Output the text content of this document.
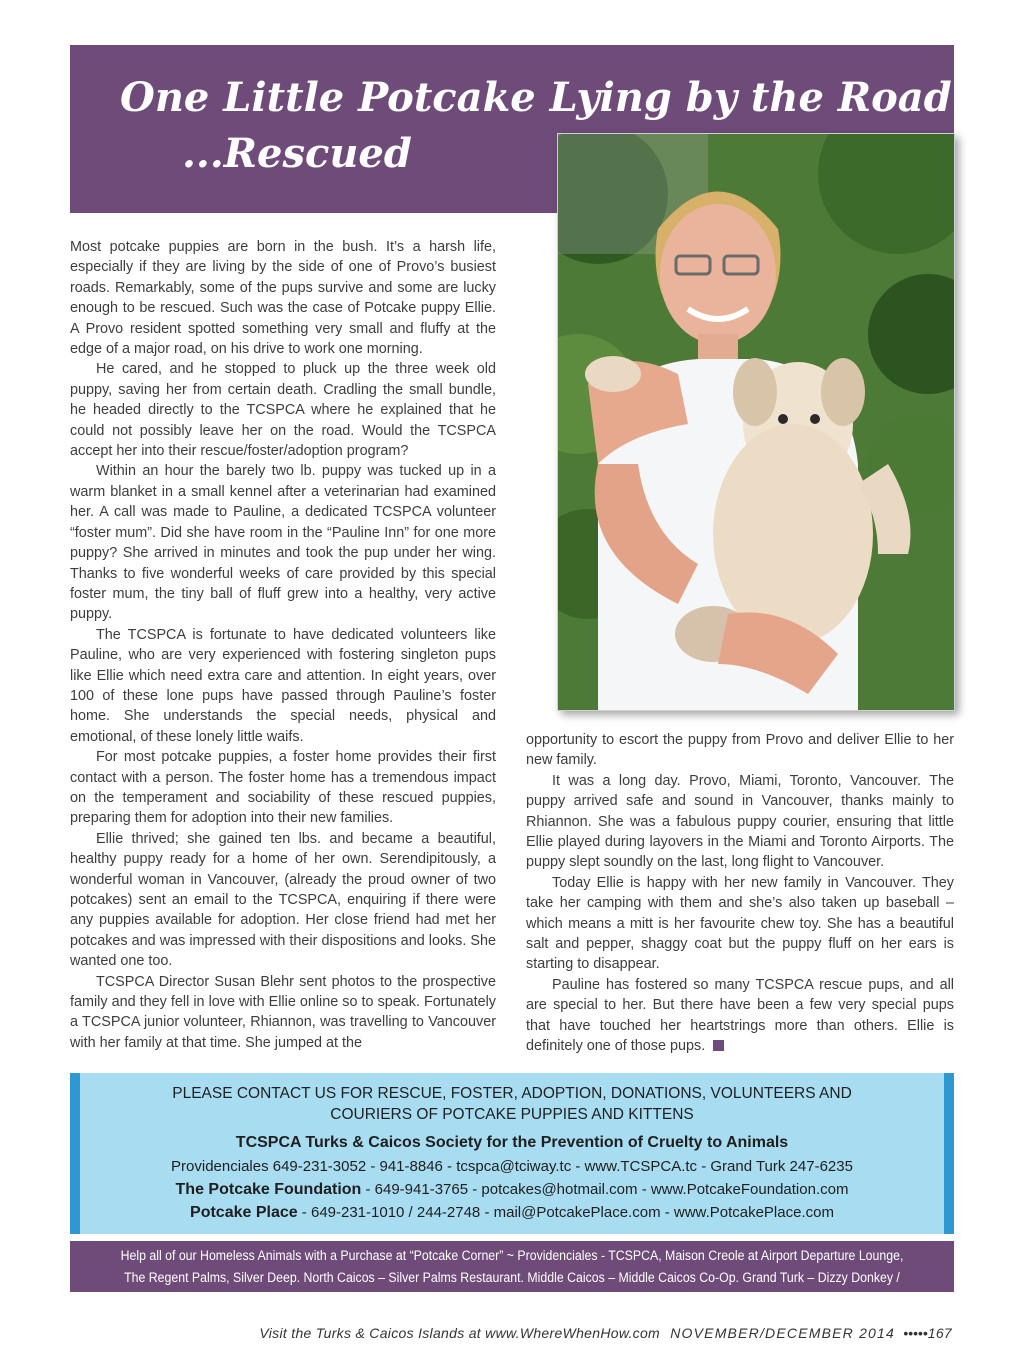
One Little Potcake Lying by the Road
...Rescued

Most potcake puppies are born in the bush. It’s a harsh life, especially if they are living by the side of one of Provo’s busiest roads. Remarkably, some of the pups survive and some are lucky enough to be rescued. Such was the case of Potcake puppy Ellie. A Provo resident spotted something very small and fluffy at the edge of a major road, on his drive to work one morning.

He cared, and he stopped to pluck up the three week old puppy, saving her from certain death. Cradling the small bundle, he headed directly to the TCSPCA where he explained that he could not possibly leave her on the road. Would the TCSPCA accept her into their rescue/foster/adoption program?

Within an hour the barely two lb. puppy was tucked up in a warm blanket in a small kennel after a veterinarian had examined her. A call was made to Pauline, a dedicated TCSPCA volunteer “foster mum”. Did she have room in the “Pauline Inn” for one more puppy? She arrived in minutes and took the pup under her wing. Thanks to five wonderful weeks of care provided by this special foster mum, the tiny ball of fluff grew into a healthy, very active puppy.

The TCSPCA is fortunate to have dedicated volunteers like Pauline, who are very experienced with fostering singleton pups like Ellie which need extra care and attention. In eight years, over 100 of these lone pups have passed through Pauline’s foster home. She understands the special needs, physical and emotional, of these lonely little waifs.

For most potcake puppies, a foster home provides their first contact with a person. The foster home has a tremendous impact on the temperament and sociability of these rescued puppies, preparing them for adoption into their new families.

Ellie thrived; she gained ten lbs. and became a beautiful, healthy puppy ready for a home of her own. Serendipitously, a wonderful woman in Vancouver, (already the proud owner of two potcakes) sent an email to the TCSPCA, enquiring if there were any puppies available for adoption. Her close friend had met her potcakes and was impressed with their dispositions and looks. She wanted one too.

TCSPCA Director Susan Blehr sent photos to the prospective family and they fell in love with Ellie online so to speak. Fortunately a TCSPCA junior volunteer, Rhiannon, was travelling to Vancouver with her family at that time. She jumped at the

opportunity to escort the puppy from Provo and deliver Ellie to her new family.

It was a long day. Provo, Miami, Toronto, Vancouver. The puppy arrived safe and sound in Vancouver, thanks mainly to Rhiannon. She was a fabulous puppy courier, ensuring that little Ellie played during layovers in the Miami and Toronto Airports. The puppy slept soundly on the last, long flight to Vancouver.

Today Ellie is happy with her new family in Vancouver. They take her camping with them and she’s also taken up baseball – which means a mitt is her favourite chew toy. She has a beautiful salt and pepper, shaggy coat but the puppy fluff on her ears is starting to disappear.

Pauline has fostered so many TCSPCA rescue pups, and all are special to her. But there have been a few very special pups that have touched her heartstrings more than others. Ellie is definitely one of those pups.

PLEASE CONTACT US FOR RESCUE, FOSTER, ADOPTION, DONATIONS, VOLUNTEERS AND
COURIERS OF POTCAKE PUPPIES AND KITTENS
TCSPCA Turks & Caicos Society for the Prevention of Cruelty to Animals
Providenciales 649-231-3052 - 941-8846 - tcspca@tciway.tc - www.TCSPCA.tc - Grand Turk 247-6235
The Potcake Foundation - 649-941-3765 - potcakes@hotmail.com - www.PotcakeFoundation.com
Potcake Place - 649-231-1010 / 244-2748 - mail@PotcakePlace.com - www.PotcakePlace.com
Help all of our Homeless Animals with a Purchase at “Potcake Corner” ~ Providenciales - TCSPCA, Maison Creole at Airport Departure Lounge,
The Regent Palms, Silver Deep. North Caicos – Silver Palms Restaurant. Middle Caicos – Middle Caicos Co-Op. Grand Turk – Dizzy Donkey / Cruise Centre.
Visit the Turks & Caicos Islands at www.WhereWhenHow.com NOVEMBER/DECEMBER 2014 •••••167
